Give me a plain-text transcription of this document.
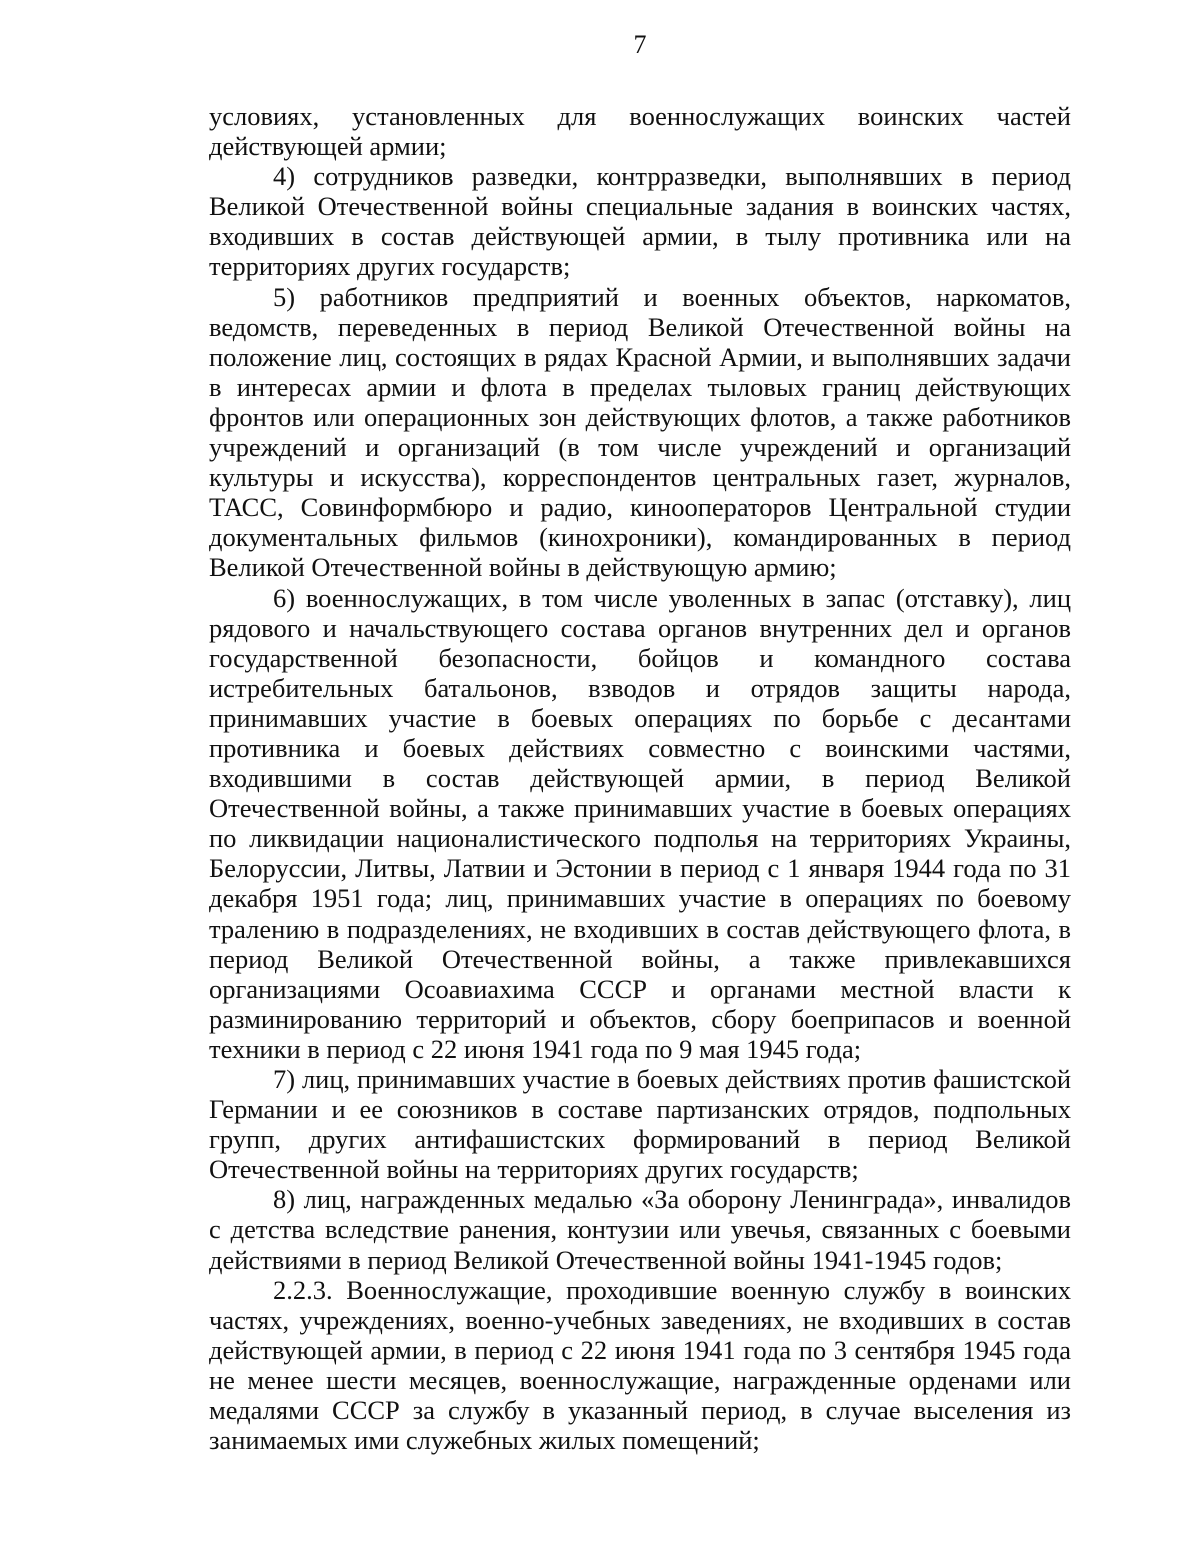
7

условиях, установленных для военнослужащих воинских частей действующей армии;

4) сотрудников разведки, контрразведки, выполнявших в период Великой Отечественной войны специальные задания в воинских частях, входивших в состав действующей армии, в тылу противника или на территориях других государств;

5) работников предприятий и военных объектов, наркоматов, ведомств, переведенных в период Великой Отечественной войны на положение лиц, состоящих в рядах Красной Армии, и выполнявших задачи в интересах армии и флота в пределах тыловых границ действующих фронтов или операционных зон действующих флотов, а также работников учреждений и организаций (в том числе учреждений и организаций культуры и искусства), корреспондентов центральных газет, журналов, ТАСС, Совинформбюро и радио, кинооператоров Центральной студии документальных фильмов (кинохроники), командированных в период Великой Отечественной войны в действующую армию;

6) военнослужащих, в том числе уволенных в запас (отставку), лиц рядового и начальствующего состава органов внутренних дел и органов государственной безопасности, бойцов и командного состава истребительных батальонов, взводов и отрядов защиты народа, принимавших участие в боевых операциях по борьбе с десантами противника и боевых действиях совместно с воинскими частями, входившими в состав действующей армии, в период Великой Отечественной войны, а также принимавших участие в боевых операциях по ликвидации националистического подполья на территориях Украины, Белоруссии, Литвы, Латвии и Эстонии в период с 1 января 1944 года по 31 декабря 1951 года; лиц, принимавших участие в операциях по боевому тралению в подразделениях, не входивших в состав действующего флота, в период Великой Отечественной войны, а также привлекавшихся организациями Осоавиахима СССР и органами местной власти к разминированию территорий и объектов, сбору боеприпасов и военной техники в период с 22 июня 1941 года по 9 мая 1945 года;

7) лиц, принимавших участие в боевых действиях против фашистской Германии и ее союзников в составе партизанских отрядов, подпольных групп, других антифашистских формирований в период Великой Отечественной войны на территориях других государств;

8) лиц, награжденных медалью «За оборону Ленинграда», инвалидов с детства вследствие ранения, контузии или увечья, связанных с боевыми действиями в период Великой Отечественной войны 1941-1945 годов;

2.2.3. Военнослужащие, проходившие военную службу в воинских частях, учреждениях, военно-учебных заведениях, не входивших в состав действующей армии, в период с 22 июня 1941 года по 3 сентября 1945 года не менее шести месяцев, военнослужащие, награжденные орденами или медалями СССР за службу в указанный период, в случае выселения из занимаемых ими служебных жилых помещений;
